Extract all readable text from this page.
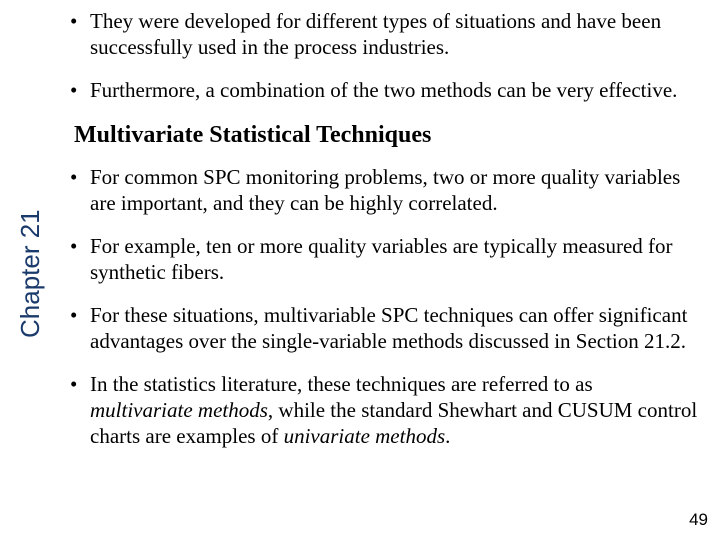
Chapter 21
• They were developed for different types of situations and have been successfully used in the process industries.
• Furthermore, a combination of the two methods can be very effective.
Multivariate Statistical Techniques
• For common SPC monitoring problems, two or more quality variables are important, and they can be highly correlated.
• For example, ten or more quality variables are typically measured for synthetic fibers.
• For these situations, multivariable SPC techniques can offer significant advantages over the single-variable methods discussed in Section 21.2.
• In the statistics literature, these techniques are referred to as multivariate methods, while the standard Shewhart and CUSUM control charts are examples of univariate methods.
49
